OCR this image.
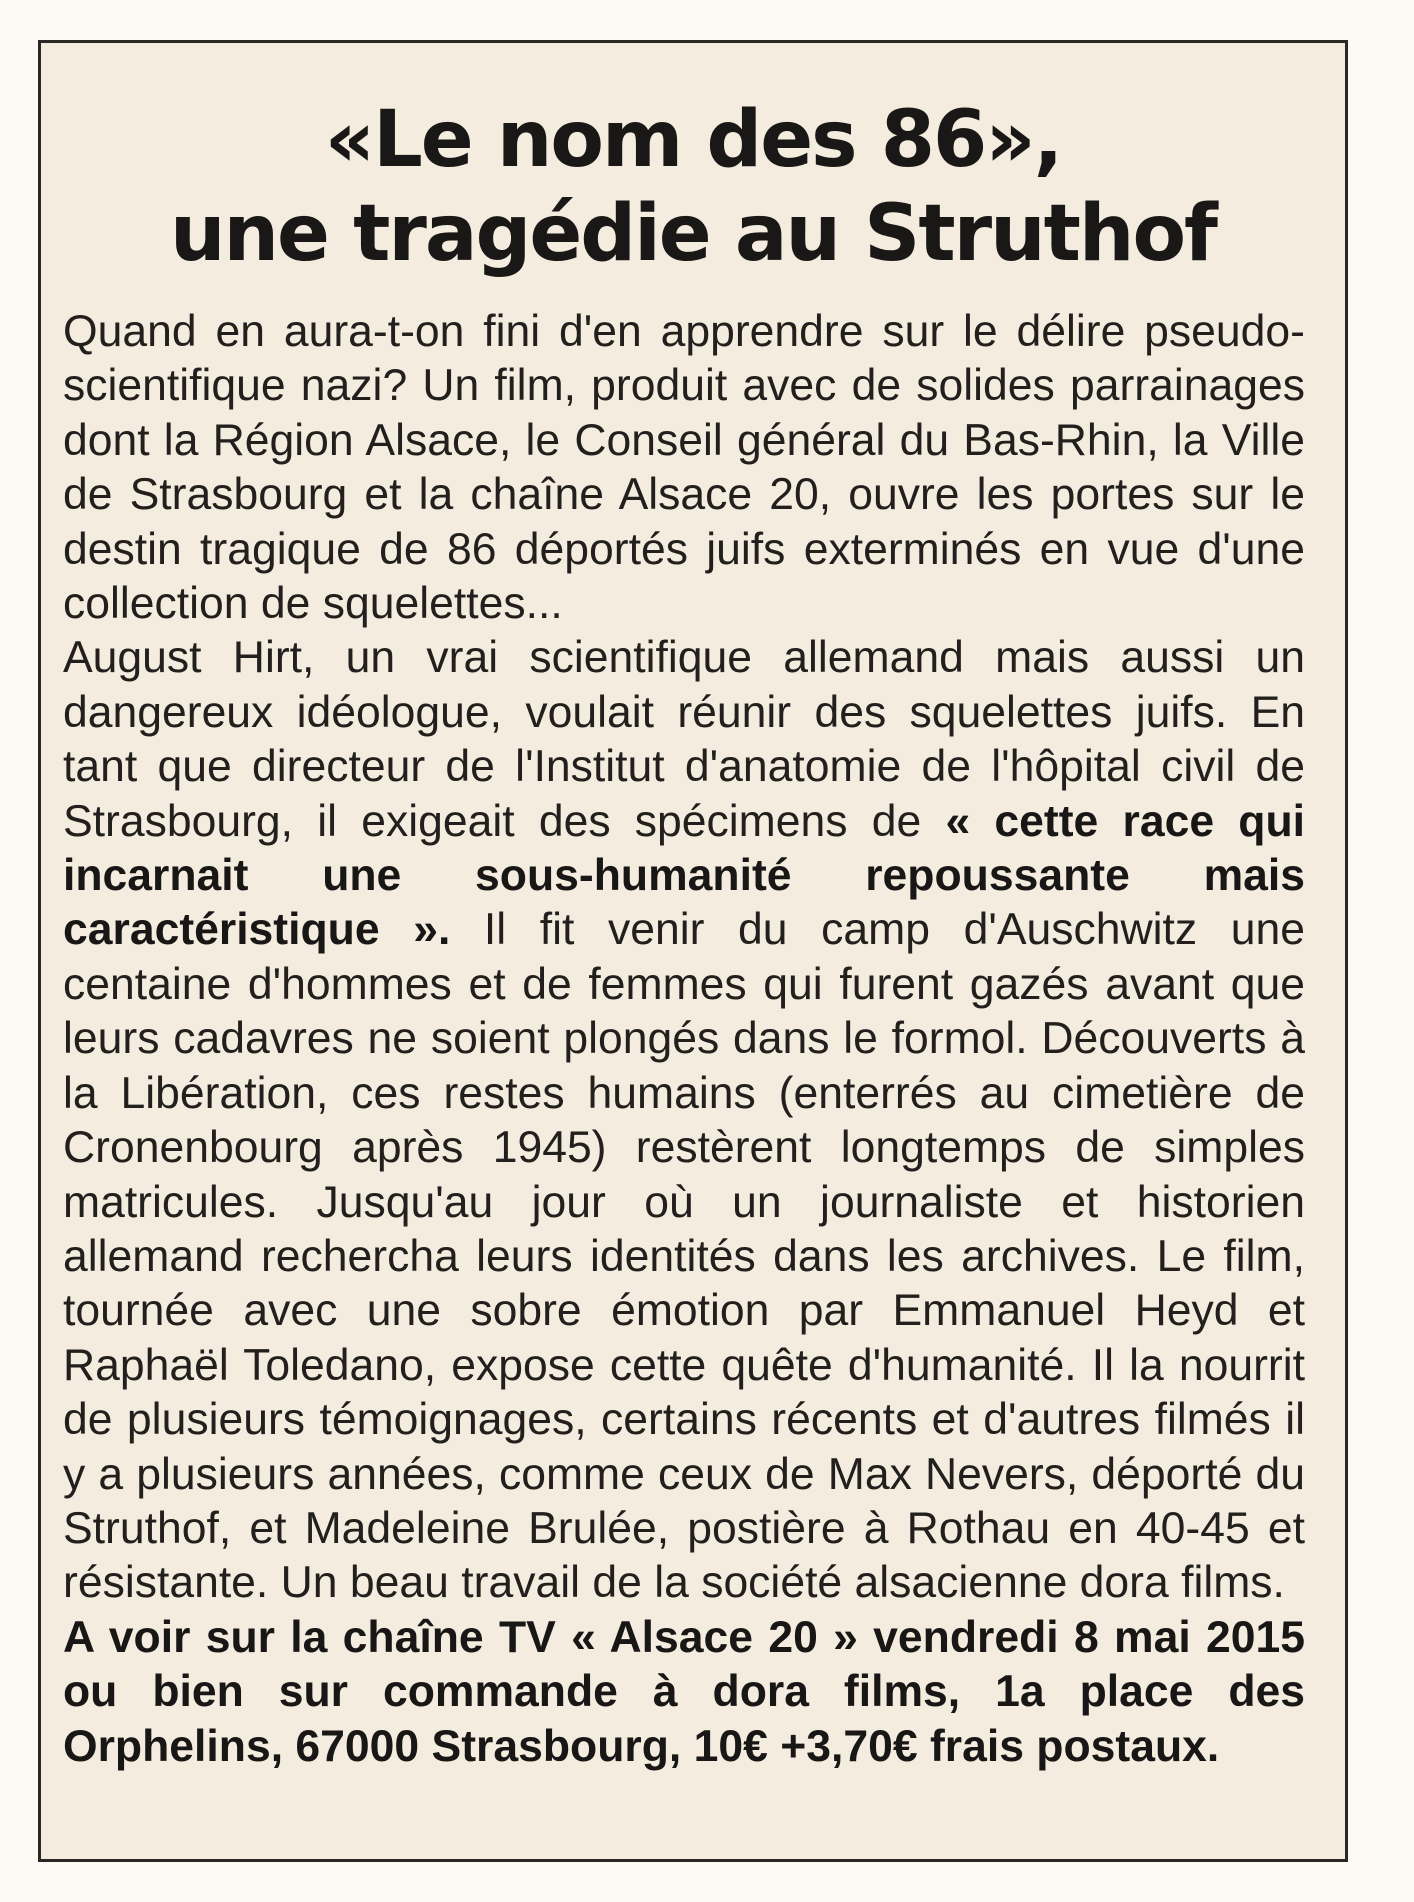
«Le nom des 86»,
une tragédie au Struthof

Quand en aura-t-on fini d'en apprendre sur le délire pseudo-scientifique nazi? Un film, produit avec de solides parrainages dont la Région Alsace, le Conseil général du Bas-Rhin, la Ville de Strasbourg et la chaîne Alsace 20, ouvre les portes sur le destin tragique de 86 déportés juifs exterminés en vue d'une collection de squelettes...

August Hirt, un vrai scientifique allemand mais aussi un dangereux idéologue, voulait réunir des squelettes juifs. En tant que directeur de l'Institut d'anatomie de l'hôpital civil de Strasbourg, il exigeait des spécimens de « cette race qui incarnait une sous-humanité repoussante mais caractéristique ». Il fit venir du camp d'Auschwitz une centaine d'hommes et de femmes qui furent gazés avant que leurs cadavres ne soient plongés dans le formol. Découverts à la Libération, ces restes humains (enterrés au cimetière de Cronenbourg après 1945) restèrent longtemps de simples matricules. Jusqu'au jour où un journaliste et historien allemand rechercha leurs identités dans les archives. Le film, tournée avec une sobre émotion par Emmanuel Heyd et Raphaël Toledano, expose cette quête d'humanité. Il la nourrit de plusieurs témoignages, certains récents et d'autres filmés il y a plusieurs années, comme ceux de Max Nevers, déporté du Struthof, et Madeleine Brulée, postière à Rothau en 40-45 et résistante. Un beau travail de la société alsacienne dora films.

A voir sur la chaîne TV « Alsace 20 » vendredi 8 mai 2015 ou bien sur commande à dora films, 1a place des Orphelins, 67000 Strasbourg, 10€ +3,70€ frais postaux.
